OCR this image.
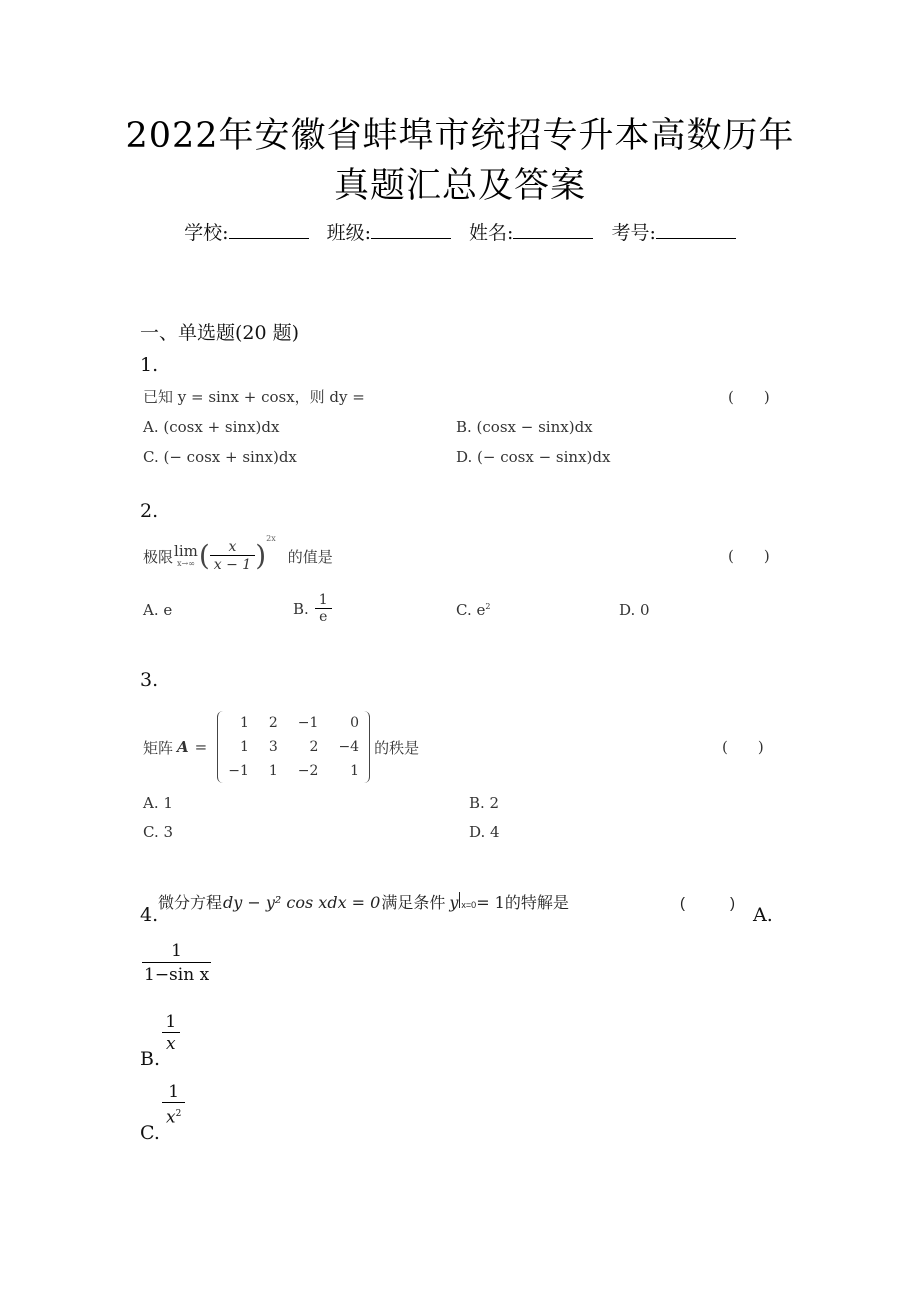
2022年安徽省蚌埠市统招专升本高数历年
真题汇总及答案
学校:	班级:	姓名:	考号:
一、单选题(20 题)
1.
已知 y = sinx + cosx，则 dy =	(　　)
A. (cosx + sinx)dx	B. (cosx − sinx)dx
C. (− cosx + sinx)dx	D. (− cosx − sinx)dx
2.
极限 lim
x→∞ ( $\frac{x}{x - 1}$ )
2x
的值是	(　　)
A. e	B. $\frac{1}{e}$	C. $e^2$	D. 0
3.
矩阵 A =
1	2	−1	0
1	3	2	−4
−1	1	−2	1
的秩是	(　　)
A. 1	B. 2
C. 3	D. 4
4.
微分方程 dy − y² cos xdx = 0 满足条件 y $_{x=0}$ = 1 的特解是	(　　　)
A.
$\frac{1}{\text{1−sin x}}$
B.
$\frac{1}{x}$
C.
$\frac{1}{x^2}$
